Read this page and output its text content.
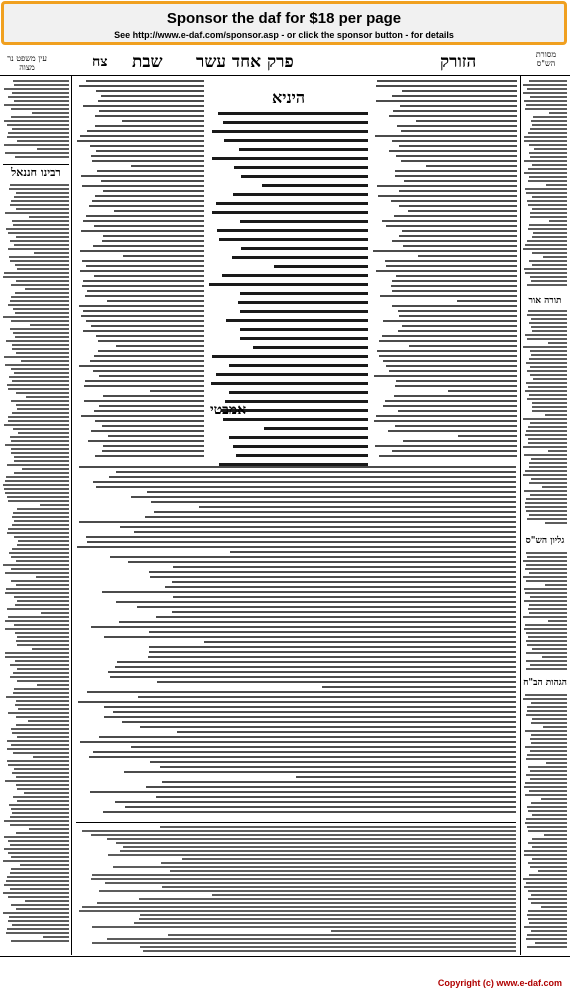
Sponsor the daf for $18 per page
See http://www.e-daf.com/sponsor.asp - or click the sponsor button - for details
צח
עין משפט נר מצוה	שבת פרק אחד עשר	הזורק	מסורת הש"ס
רבינו חננאל
היניא
אמבטי
תורה אור
גליון הש"ס
הגהות הב"ח
Copyright (c) www.e-daf.com
